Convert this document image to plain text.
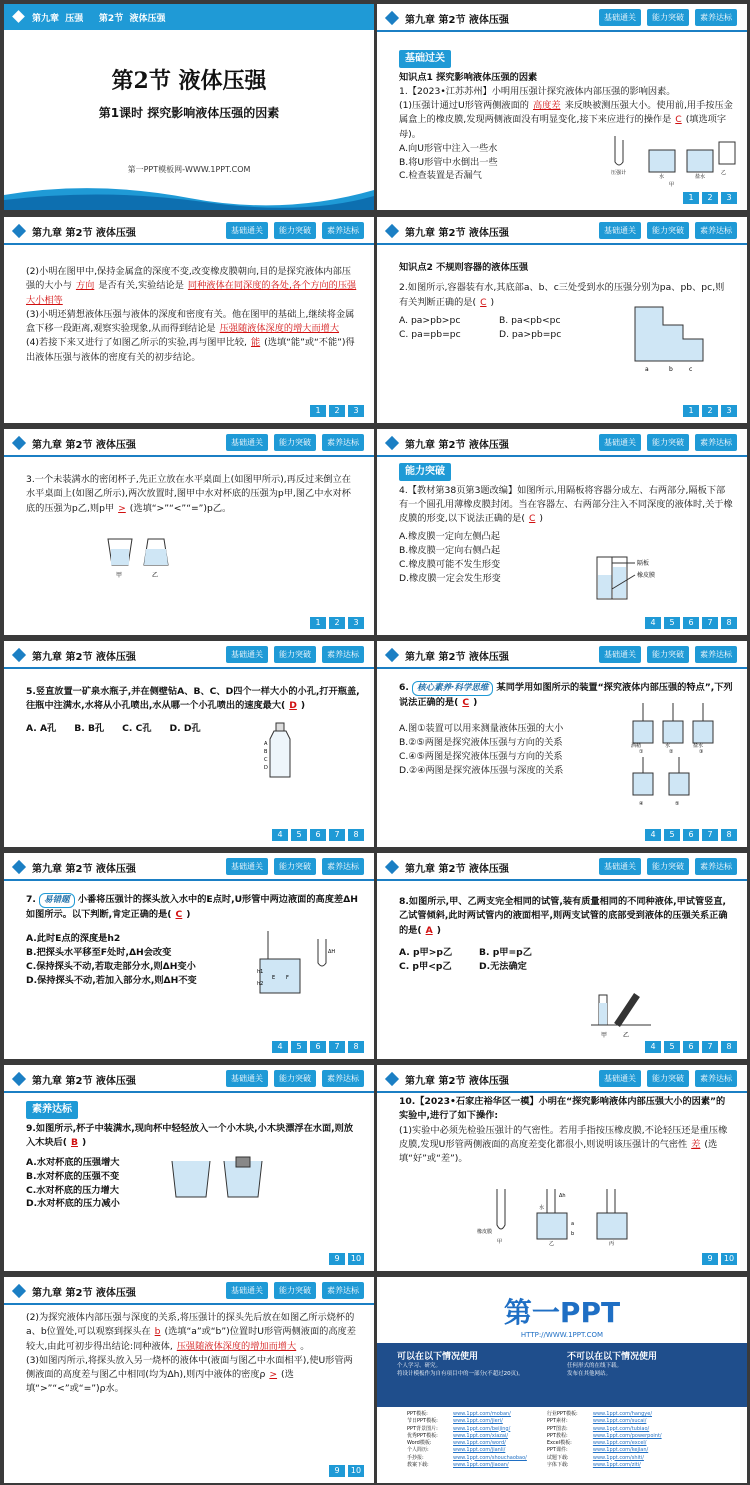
第九章  压强     第2节  液体压强
第2节 液体压强
第1课时 探究影响液体压强的因素
第一PPT模板网-WWW.1PPT.COM
第九章 第2节 液体压强	基础通关	能力突破	素养达标
基础过关
知识点1 探究影响液体压强的因素
1.【2023•江苏苏州】小明用压强计探究液体内部压强的影响因素。
(1)压强计通过U形管两侧液面的 高度差 来反映被测压强大小。使用前,用手按压金属盒上的橡皮膜,发现两侧液面没有明显变化,接下来应进行的操作是 C (填选项字母)。
A.向U形管中注入一些水
B.将U形管中水倒出一些
C.检查装置是否漏气	压强计
水	盐水
甲
乙
1	2	3
第九章 第2节 液体压强	基础通关	能力突破	素养达标
(2)小明在图甲中,保持金属盒的深度不变,改变橡皮膜朝向,目的是探究液体内部压强的大小与 方向 是否有关,实验结论是 同种液体在同深度的各处,各个方向的压强大小相等
(3)小明还猜想液体压强与液体的深度和密度有关。他在图甲的基础上,继续将金属盒下移一段距离,观察实验现象,从而得到结论是 压强随液体深度的增大而增大
(4)若接下来又进行了如图乙所示的实验,再与图甲比较, 能 (选填“能”或“不能”)得出液体压强与液体的密度有关的初步结论。
1	2	3
第九章 第2节 液体压强	基础通关	能力突破	素养达标
知识点2 不规则容器的液体压强
2.如图所示,容器装有水,其底部a、b、c三处受到水的压强分别为pa、pb、pc,则有关判断正确的是( C )
A. pa>pb>pc	B. pa<pb<pc
C. pa=pb=pc	D. pa>pb=pc
a	b	c
1	2	3
第九章 第2节 液体压强	基础通关	能力突破	素养达标
3.一个未装满水的密闭杯子,先正立放在水平桌面上(如图甲所示),再反过来倒立在水平桌面上(如图乙所示),两次放置时,图甲中水对杯底的压强为p甲,图乙中水对杯底的压强为p乙,则p甲 > (选填“>”“<”“=”)p乙。
甲	乙
1	2	3
第九章 第2节 液体压强	基础通关	能力突破	素养达标
能力突破
4.【教材第38页第3题改编】如图所示,用隔板将容器分成左、右两部分,隔板下部有一个圆孔用薄橡皮膜封闭。当在容器左、右两部分注入不同深度的液体时,关于橡皮膜的形变,以下说法正确的是( C )
A.橡皮膜一定向左侧凸起
B.橡皮膜一定向右侧凸起
C.橡皮膜可能不发生形变
D.橡皮膜一定会发生形变
隔板
橡皮膜
4	5	6	7	8
第九章 第2节 液体压强	基础通关	能力突破	素养达标
5.竖直放置一矿泉水瓶子,并在侧壁钻A、B、C、D四个一样大小的小孔,打开瓶盖,往瓶中注满水,水将从小孔喷出,水从哪一个小孔喷出的速度最大( D )
A. A孔 B. B孔 C. C孔 D. D孔
A
B
C
D
4	5	6	7	8
第九章 第2节 液体压强	基础通关	能力突破	素养达标
6. 核心素养·科学思维 某同学用如图所示的装置“探究液体内部压强的特点”,下列说法正确的是( C )
A.图①装置可以用来测量液体压强的大小
B.②⑤两图是探究液体压强与方向的关系
C.④⑤两图是探究液体压强与方向的关系
D.②④两图是探究液体压强与深度的关系
①	②	③
酒精	水	盐水
④	⑤
4	5	6	7	8
第九章 第2节 液体压强	基础通关	能力突破	素养达标
7. 易错题 小番将压强计的探头放入水中的E点时,U形管中两边液面的高度差ΔH如图所示。以下判断,肯定正确的是( C )
A.此时E点的深度是h2
B.把探头水平移至F处时,ΔH会改变
C.保持探头不动,若取走部分水,则ΔH变小
D.保持探头不动,若加入部分水,则ΔH不变
ΔH
h1
h2
E F
4	5	6	7	8
第九章 第2节 液体压强	基础通关	能力突破	素养达标
8.如图所示,甲、乙两支完全相同的试管,装有质量相同的不同种液体,甲试管竖直,乙试管倾斜,此时两试管内的液面相平,则两支试管的底部受到液体的压强关系正确的是( A )
A. p甲>p乙	B. p甲=p乙
C. p甲<p乙	D.无法确定
甲	乙
4	5	6	7	8
第九章 第2节 液体压强	基础通关	能力突破	素养达标
素养达标
9.如图所示,杯子中装满水,现向杯中轻轻放入一个小木块,小木块漂浮在水面,则放入木块后( B )
A.水对杯底的压强增大
B.水对杯底的压强不变
C.水对杯底的压力增大
D.水对杯底的压力减小
9	10
第九章 第2节 液体压强	基础通关	能力突破	素养达标
10.【2023•石家庄裕华区一模】小明在“探究影响液体内部压强大小的因素”的实验中,进行了如下操作:
(1)实验中必须先检验压强计的气密性。若用手指按压橡皮膜,不论轻压还是重压橡皮膜,发现U形管两侧液面的高度差变化都很小,则说明该压强计的气密性 差 (选填“好”或“差”)。
橡皮膜
甲
水
乙	丙
Δh
a
b
9	10
第九章 第2节 液体压强	基础通关	能力突破	素养达标
(2)为探究液体内部压强与深度的关系,将压强计的探头先后放在如图乙所示烧杯的a、b位置处,可以观察到探头在 b (选填“a”或“b”)位置时U形管两侧液面的高度差较大,由此可初步得出结论:同种液体, 压强随液体深度的增加而增大 。
(3)如图丙所示,将探头放入另一烧杯的液体中(液面与图乙中水面相平),使U形管两侧液面的高度差与图乙中相同(均为Δh),则丙中液体的密度ρ > (选填“>”“<”或“=”)ρ水。
9	10
第一PPT
HTTP://WWW.1PPT.COM
可以在以下情况使用
个人学习、研究。
将设计模板作为自有项目中的一部分(不超过20页)。
不可以在以下情况使用
任何形式的在线下载。
发布在其他网站。
PPT模板:	www.1ppt.com/moban/
节日PPT模板:	www.1ppt.com/jieri/
PPT背景图片:	www.1ppt.com/beijing/
优秀PPT模板:	www.1ppt.com/xiazai/
Word模板:	www.1ppt.com/word/
个人简历:	www.1ppt.com/jianli/
手抄报:	www.1ppt.com/shouchaobao/
教案下载:	www.1ppt.com/jiaoan/
行业PPT模板:	www.1ppt.com/hangye/
PPT素材:	www.1ppt.com/sucai/
PPT图表:	www.1ppt.com/tubiao/
PPT教程:	www.1ppt.com/powerpoint/
Excel模板:	www.1ppt.com/excel/
PPT课件:	www.1ppt.com/kejian/
试题下载:	www.1ppt.com/shiti/
字体下载:	www.1ppt.com/ziti/
